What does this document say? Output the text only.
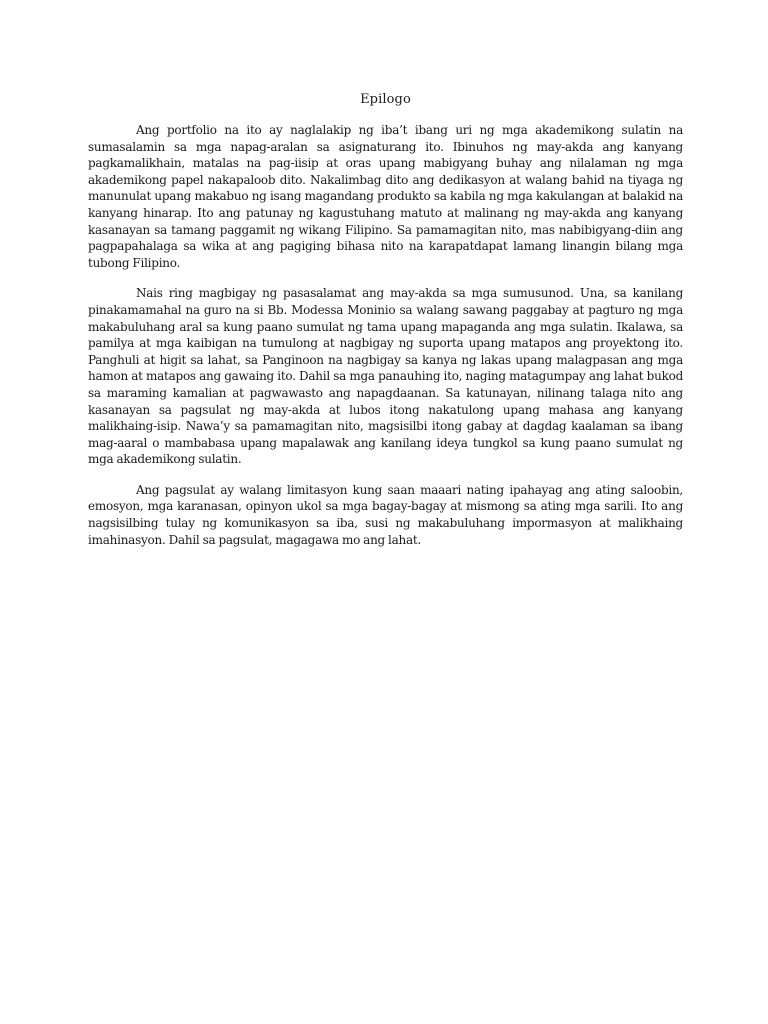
Epilogo

Ang portfolio na ito ay naglalakip ng iba’t ibang uri ng mga akademikong sulatin na sumasalamin sa mga napag-aralan sa asignaturang ito. Ibinuhos ng may-akda ang kanyang pagkamalikhain, matalas na pag-iisip at oras upang mabigyang buhay ang nilalaman ng mga akademikong papel nakapaloob dito. Nakalimbag dito ang dedikasyon at walang bahid na tiyaga ng manunulat upang makabuo ng isang magandang produkto sa kabila ng mga kakulangan at balakid na kanyang hinarap. Ito ang patunay ng kagustuhang matuto at malinang ng may-akda ang kanyang kasanayan sa tamang paggamit ng wikang Filipino. Sa pamamagitan nito, mas nabibigyang-diin ang pagpapahalaga sa wika at ang pagiging bihasa nito na karapatdapat lamang linangin bilang mga tubong Filipino.

Nais ring magbigay ng pasasalamat ang may-akda sa mga sumusunod. Una, sa kanilang pinakamamahal na guro na si Bb. Modessa Moninio sa walang sawang paggabay at pagturo ng mga makabuluhang aral sa kung paano sumulat ng tama upang mapaganda ang mga sulatin. Ikalawa, sa pamilya at mga kaibigan na tumulong at nagbigay ng suporta upang matapos ang proyektong ito. Panghuli at higit sa lahat, sa Panginoon na nagbigay sa kanya ng lakas upang malagpasan ang mga hamon at matapos ang gawaing ito. Dahil sa mga panauhing ito, naging matagumpay ang lahat bukod sa maraming kamalian at pagwawasto ang napagdaanan. Sa katunayan, nilinang talaga nito ang kasanayan sa pagsulat ng may-akda at lubos itong nakatulong upang mahasa ang kanyang malikhaing-isip. Nawa’y sa pamamagitan nito, magsisilbi itong gabay at dagdag kaalaman sa ibang mag-aaral o mambabasa upang mapalawak ang kanilang ideya tungkol sa kung paano sumulat ng mga akademikong sulatin.

Ang pagsulat ay walang limitasyon kung saan maaari nating ipahayag ang ating saloobin, emosyon, mga karanasan, opinyon ukol sa mga bagay-bagay at mismong sa ating mga sarili. Ito ang nagsisilbing tulay ng komunikasyon sa iba, susi ng makabuluhang impormasyon at malikhaing imahinasyon. Dahil sa pagsulat, magagawa mo ang lahat.
